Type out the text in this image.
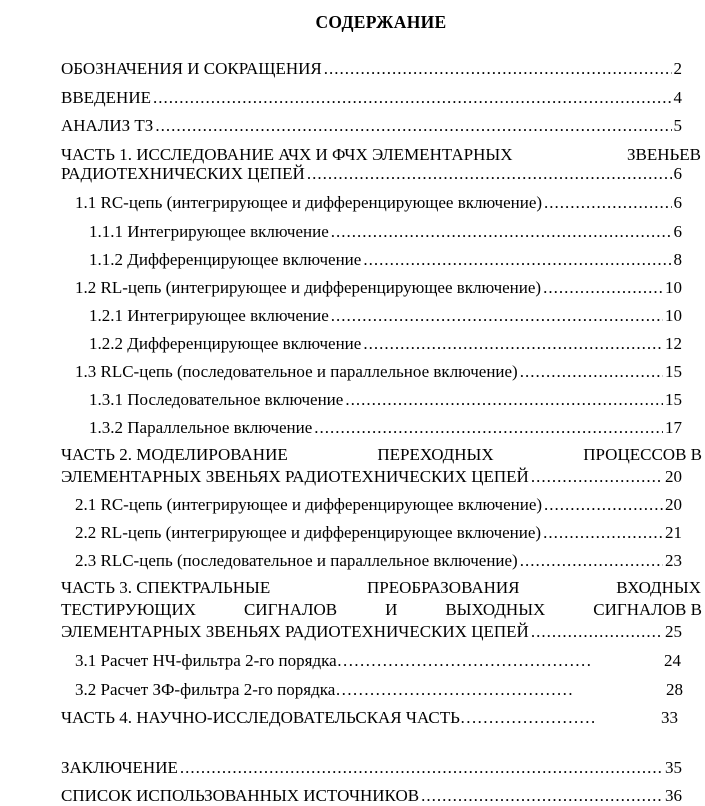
СОДЕРЖАНИЕ
ОБОЗНАЧЕНИЯ И СОКРАЩЕНИЯ .....	2
ВВЕДЕНИЕ .....	4
АНАЛИЗ ТЗ .....	5
ЧАСТЬ 1. ИССЛЕДОВАНИЕ АЧХ И ФЧХ ЭЛЕМЕНТАРНЫХ	ЗВЕНЬЕВ
РАДИОТЕХНИЧЕСКИХ ЦЕПЕЙ .....	6
1.1 RC-цепь (интегрирующее и дифференцирующее включение) .....	6
1.1.1 Интегрирующее включение .....	6
1.1.2 Дифференцирующее включение .....	8
1.2 RL-цепь (интегрирующее и дифференцирующее включение) .....	10
1.2.1 Интегрирующее включение .....	10
1.2.2 Дифференцирующее включение .....	12
1.3 RLC-цепь (последовательное и параллельное включение) .....	15
1.3.1 Последовательное включение .....	15
1.3.2 Параллельное включение .....	17
ЧАСТЬ 2. МОДЕЛИРОВАНИЕ	ПЕРЕХОДНЫХ	ПРОЦЕССОВ В
ЭЛЕМЕНТАРНЫХ ЗВЕНЬЯХ РАДИОТЕХНИЧЕСКИХ ЦЕПЕЙ .....	20
2.1 RC-цепь (интегрирующее и дифференцирующее включение) .....	20
2.2 RL-цепь (интегрирующее и дифференцирующее включение) .....	21
2.3 RLC-цепь (последовательное и параллельное включение) .....	23
ЧАСТЬ 3. СПЕКТРАЛЬНЫЕ	ПРЕОБРАЗОВАНИЯ	ВХОДНЫХ
ТЕСТИРУЮЩИХ	СИГНАЛОВ	И	ВЫХОДНЫХ	СИГНАЛОВ В
ЭЛЕМЕНТАРНЫХ ЗВЕНЬЯХ РАДИОТЕХНИЧЕСКИХ ЦЕПЕЙ .....	25
3.1 Расчет НЧ-фильтра 2-го порядка………………………………………	24
3.2 Расчет ЗФ-фильтра 2-го порядка……………………………………	28
ЧАСТЬ 4. НАУЧНО-ИССЛЕДОВАТЕЛЬСКАЯ ЧАСТЬ……………………	33
ЗАКЛЮЧЕНИЕ .....	35
СПИСОК ИСПОЛЬЗОВАННЫХ ИСТОЧНИКОВ .....	36
